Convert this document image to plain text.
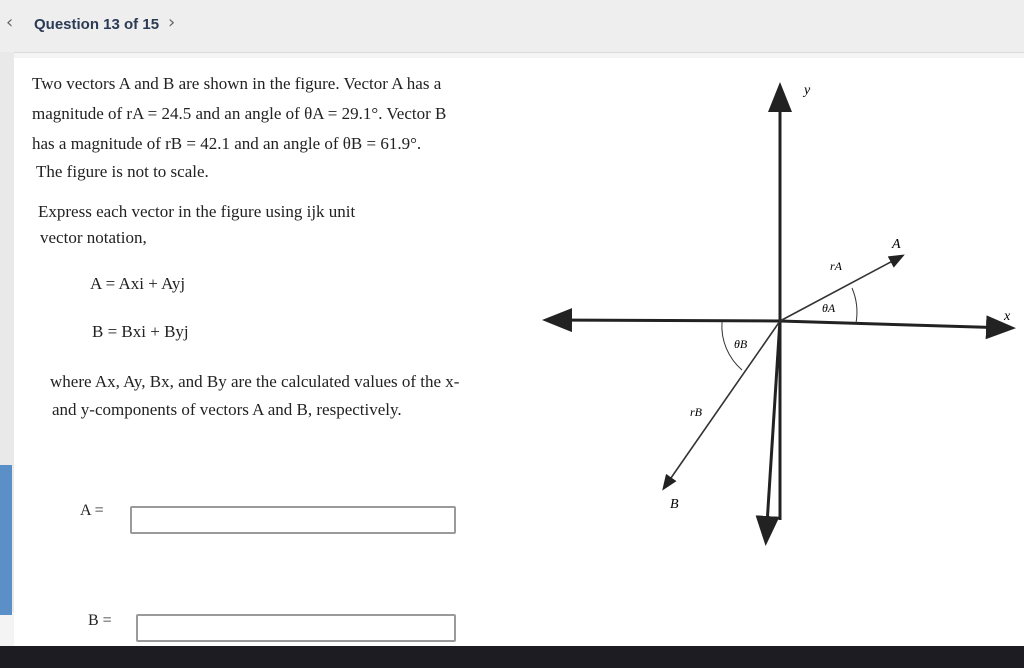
‹ Question 13 of 15 ›
Two vectors A and B are shown in the figure. Vector A has a
magnitude of rA = 24.5 and an angle of θA = 29.1°. Vector B
has a magnitude of rB = 42.1 and an angle of θB = 61.9°.
The figure is not to scale.
Express each vector in the figure using ijk unit
vector notation,
A = Axi + Ayj
B = Bxi + Byj
where Ax, Ay, Bx, and By are the calculated values of the x-
and y-components of vectors A and B, respectively.
A =
B =
y
x
A
B
rA
rB
θA
θB
